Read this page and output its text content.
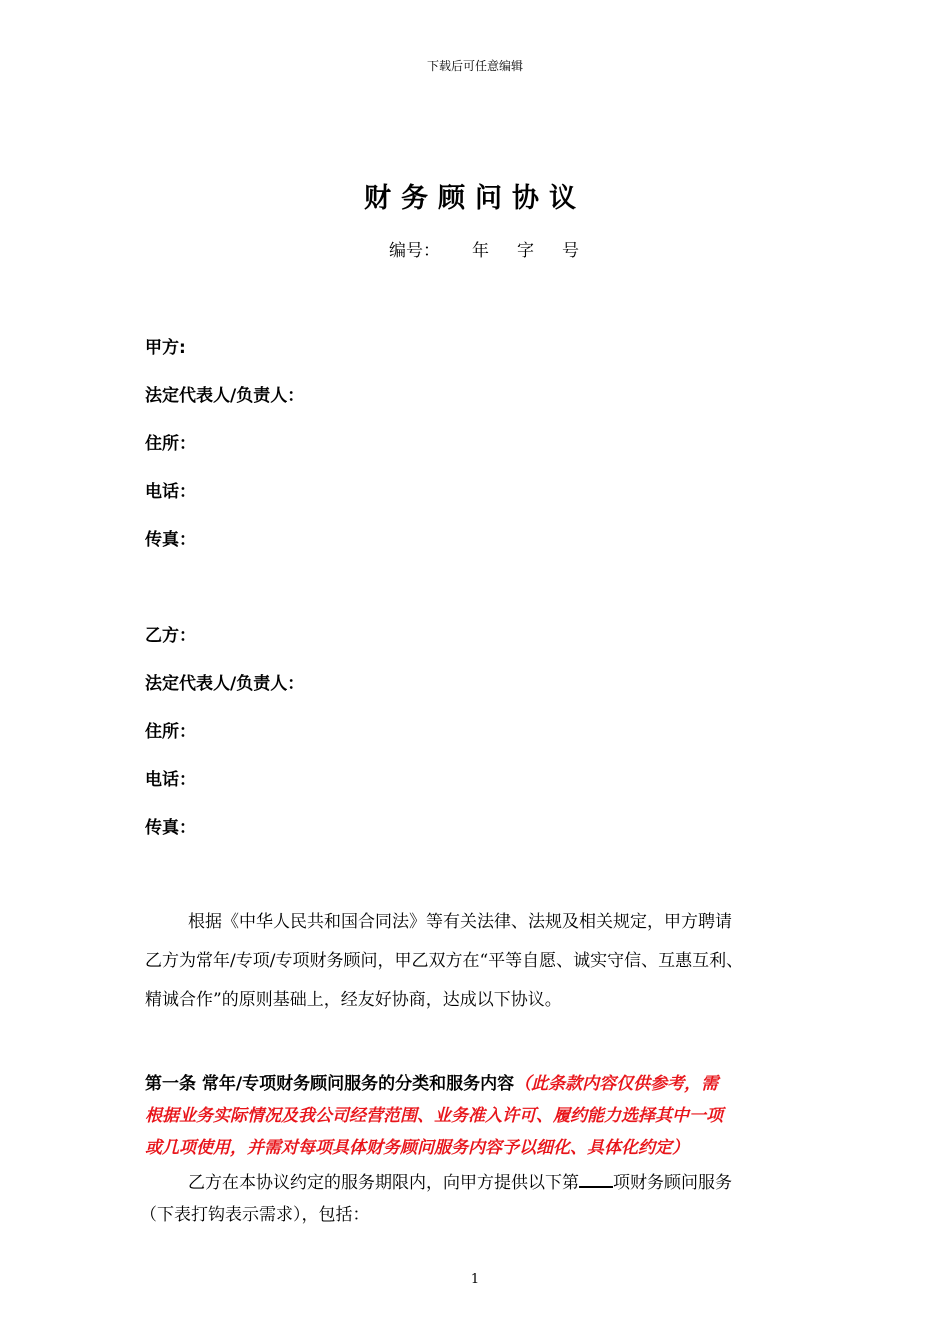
下载后可任意编辑
财务顾问协议
编号： 年 字 号
甲方:
法定代表人/负责人：
住所：
电话：
传真：
乙方：
法定代表人/负责人：
住所：
电话：
传真：
根据《中华人民共和国合同法》等有关法律、法规及相关规定，甲方聘请
乙方为常年/专项/专项财务顾问，甲乙双方在“平等自愿、诚实守信、互惠互利、
精诚合作”的原则基础上，经友好协商，达成以下协议。
第一条 常年/专项财务顾问服务的分类和服务内容（此条款内容仅供参考，需
根据业务实际情况及我公司经营范围、业务准入许可、履约能力选择其中一项
或几项使用，并需对每项具体财务顾问服务内容予以细化、具体化约定）
乙方在本协议约定的服务期限内，向甲方提供以下第 项财务顾问服务
（下表打钩表示需求），包括：
1
